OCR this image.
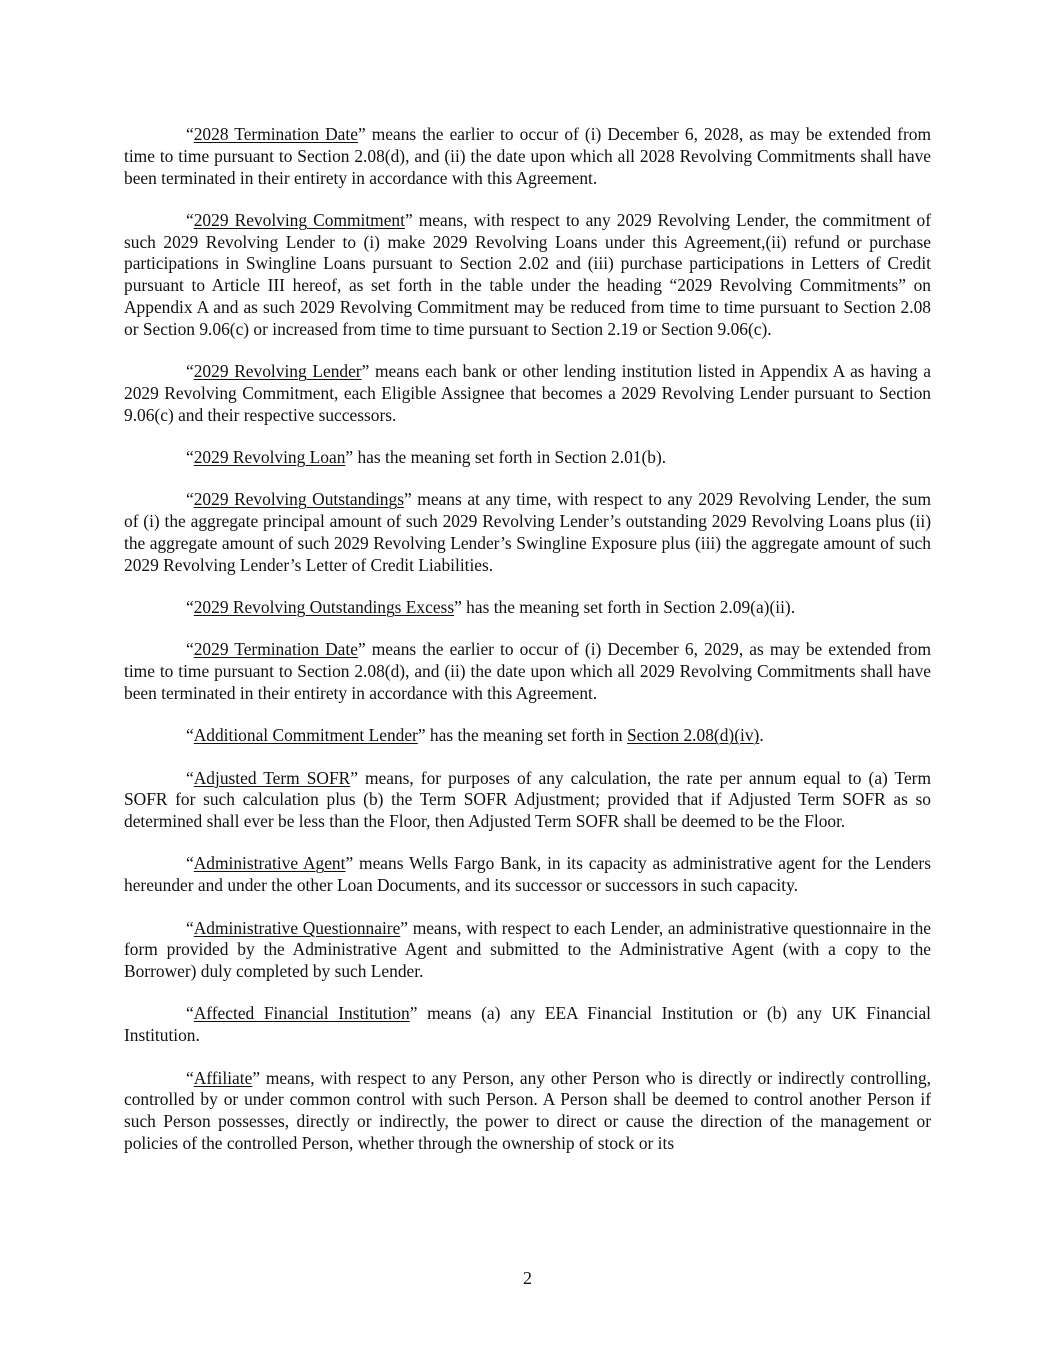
“2028 Termination Date” means the earlier to occur of (i) December 6, 2028, as may be extended from time to time pursuant to Section 2.08(d), and (ii) the date upon which all 2028 Revolving Commitments shall have been terminated in their entirety in accordance with this Agreement.

“2029 Revolving Commitment” means, with respect to any 2029 Revolving Lender, the commitment of such 2029 Revolving Lender to (i) make 2029 Revolving Loans under this Agreement,(ii) refund or purchase participations in Swingline Loans pursuant to Section 2.02 and (iii) purchase participations in Letters of Credit pursuant to Article III hereof, as set forth in the table under the heading “2029 Revolving Commitments” on Appendix A and as such 2029 Revolving Commitment may be reduced from time to time pursuant to Section 2.08 or Section 9.06(c) or increased from time to time pursuant to Section 2.19 or Section 9.06(c).

“2029 Revolving Lender” means each bank or other lending institution listed in Appendix A as having a 2029 Revolving Commitment, each Eligible Assignee that becomes a 2029 Revolving Lender pursuant to Section 9.06(c) and their respective successors.

“2029 Revolving Loan” has the meaning set forth in Section 2.01(b).

“2029 Revolving Outstandings” means at any time, with respect to any 2029 Revolving Lender, the sum of (i) the aggregate principal amount of such 2029 Revolving Lender’s outstanding 2029 Revolving Loans plus (ii) the aggregate amount of such 2029 Revolving Lender’s Swingline Exposure plus (iii) the aggregate amount of such 2029 Revolving Lender’s Letter of Credit Liabilities.

“2029 Revolving Outstandings Excess” has the meaning set forth in Section 2.09(a)(ii).

“2029 Termination Date” means the earlier to occur of (i) December 6, 2029, as may be extended from time to time pursuant to Section 2.08(d), and (ii) the date upon which all 2029 Revolving Commitments shall have been terminated in their entirety in accordance with this Agreement.

“Additional Commitment Lender” has the meaning set forth in Section 2.08(d)(iv).

“Adjusted Term SOFR” means, for purposes of any calculation, the rate per annum equal to (a) Term SOFR for such calculation plus (b) the Term SOFR Adjustment; provided that if Adjusted Term SOFR as so determined shall ever be less than the Floor, then Adjusted Term SOFR shall be deemed to be the Floor.

“Administrative Agent” means Wells Fargo Bank, in its capacity as administrative agent for the Lenders hereunder and under the other Loan Documents, and its successor or successors in such capacity.

“Administrative Questionnaire” means, with respect to each Lender, an administrative questionnaire in the form provided by the Administrative Agent and submitted to the Administrative Agent (with a copy to the Borrower) duly completed by such Lender.

“Affected Financial Institution” means (a) any EEA Financial Institution or (b) any UK Financial Institution.

“Affiliate” means, with respect to any Person, any other Person who is directly or indirectly controlling, controlled by or under common control with such Person. A Person shall be deemed to control another Person if such Person possesses, directly or indirectly, the power to direct or cause the direction of the management or policies of the controlled Person, whether through the ownership of stock or its

2
